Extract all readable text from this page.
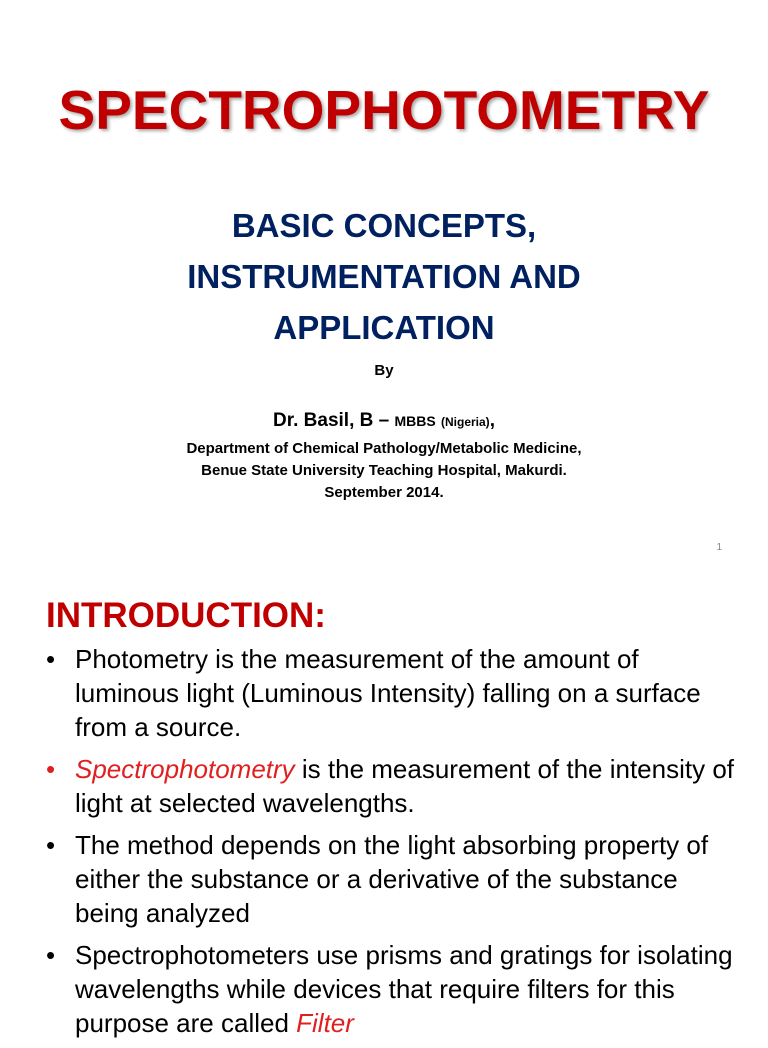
SPECTROPHOTOMETRY
BASIC CONCEPTS,
INSTRUMENTATION AND
APPLICATION
By
Dr. Basil, B – MBBS (Nigeria),
Department of Chemical Pathology/Metabolic Medicine,
Benue State University Teaching Hospital, Makurdi.
September 2014.
1
INTRODUCTION:
• Photometry is the measurement of the amount of luminous light (Luminous Intensity) falling on a surface from a source.
• Spectrophotometry is the measurement of the intensity of light at selected wavelengths.
• The method depends on the light absorbing property of either the substance or a derivative of the substance being analyzed
• Spectrophotometers use prisms and gratings for isolating wavelengths while devices that require filters for this purpose are called Filter
